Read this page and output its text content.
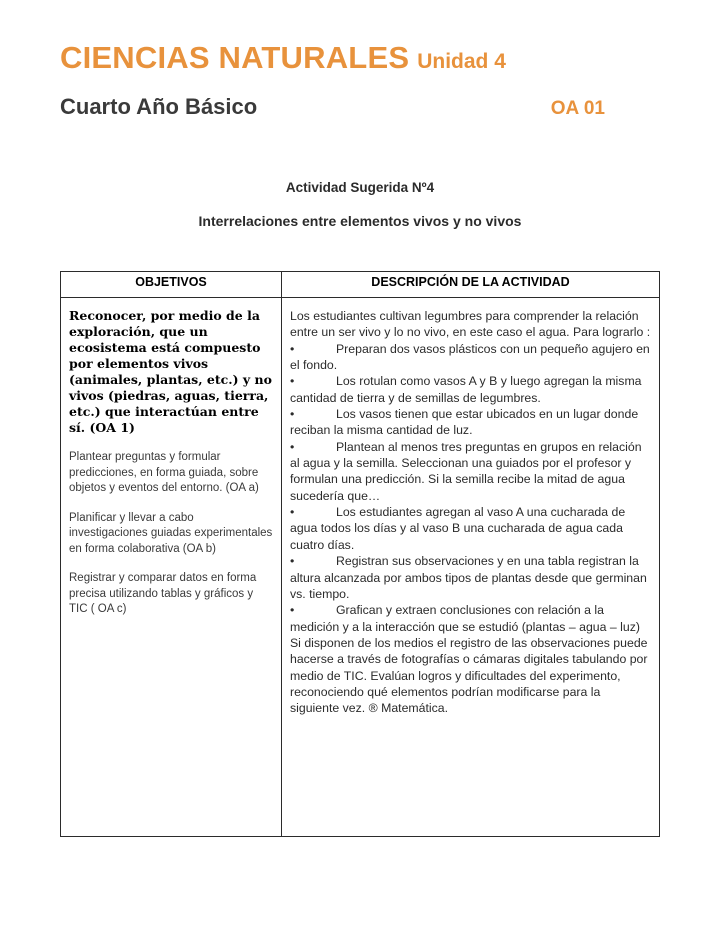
CIENCIAS NATURALES Unidad 4
Cuarto Año Básico	OA 01
Actividad Sugerida Nº4
Interrelaciones entre elementos vivos y no vivos
OBJETIVOS	DESCRIPCIÓN DE LA ACTIVIDAD

Reconocer, por medio de la exploración, que un ecosistema está compuesto por elementos vivos (animales, plantas, etc.) y no vivos (piedras, aguas, tierra, etc.) que interactúan entre sí. (OA 1)

Plantear preguntas y formular predicciones, en forma guiada, sobre objetos y eventos del entorno. (OA a)

Planificar y llevar a cabo investigaciones guiadas experimentales en forma colaborativa (OA b)

Registrar y comparar datos en forma precisa utilizando tablas y gráficos y TIC ( OA c)

Los estudiantes cultivan legumbres para comprender la relación entre un ser vivo y lo no vivo, en este caso el agua. Para lograrlo :

•	Preparan dos vasos plásticos con un pequeño agujero en el fondo.

•	Los rotulan como vasos A y B y luego agregan la misma cantidad de tierra y de semillas de legumbres.

•	Los vasos tienen que estar ubicados en un lugar donde reciban la misma cantidad de luz.

•	Plantean al menos tres preguntas en grupos en relación al agua y la semilla. Seleccionan una guiados por el profesor y formulan una predicción. Si la semilla recibe la mitad de agua sucedería que…

•	Los estudiantes agregan al vaso A una cucharada de agua todos los días y al vaso B una cucharada de agua cada cuatro días.

•	Registran sus observaciones y en una tabla registran la altura alcanzada por ambos tipos de plantas desde que germinan vs. tiempo.

•	Grafican y extraen conclusiones con relación a la medición y a la interacción que se estudió (plantas – agua – luz)

Si disponen de los medios el registro de las observaciones puede hacerse a través de fotografías o cámaras digitales tabulando por medio de TIC. Evalúan logros y dificultades del experimento, reconociendo qué elementos podrían modificarse para la siguiente vez. ® Matemática.
